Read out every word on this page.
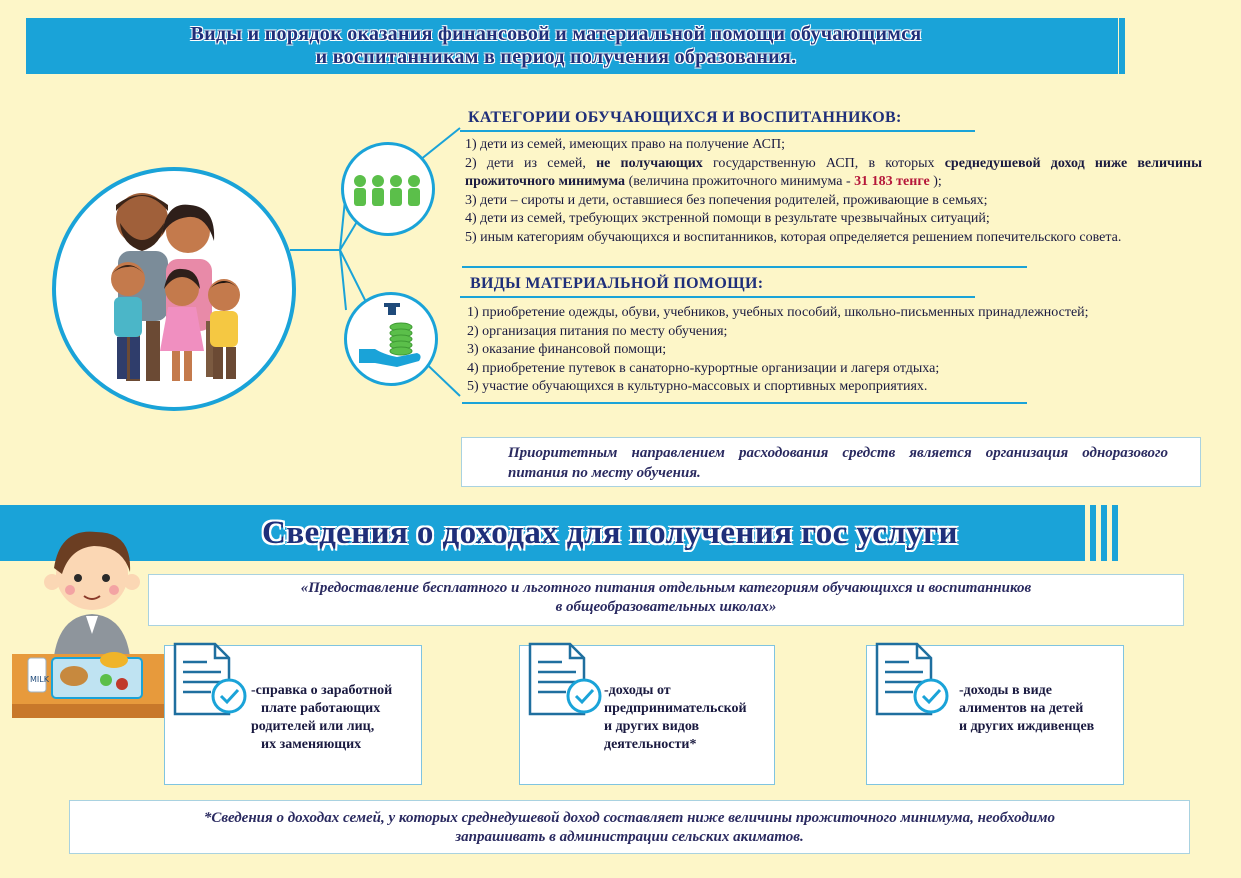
Виды и порядок оказания финансовой и материальной помощи обучающимся
и воспитанникам в период получения образования.
КАТЕГОРИИ ОБУЧАЮЩИХСЯ И ВОСПИТАННИКОВ:
1) дети из семей, имеющих право на получение АСП;
2) дети из семей, не получающих государственную АСП, в которых среднедушевой доход ниже величины прожиточного минимума (величина прожиточного минимума - 31 183 тенге );
3) дети – сироты и дети, оставшиеся без попечения родителей, проживающие в семьях;
4) дети из семей, требующих экстренной помощи в результате чрезвычайных ситуаций;
5) иным категориям обучающихся и воспитанников, которая определяется решением попечительского совета.
ВИДЫ МАТЕРИАЛЬНОЙ ПОМОЩИ:
1) приобретение одежды, обуви, учебников, учебных пособий, школьно-письменных принадлежностей;
2) организация питания по месту обучения;
3) оказание финансовой помощи;
4) приобретение путевок в санаторно-курортные организации и лагеря отдыха;
5) участие обучающихся в культурно-массовых и спортивных мероприятиях.
Приоритетным направлением расходования средств является организация одноразового питания по месту обучения.
Сведения о доходах для получения гос услуги
«Предоставление бесплатного и льготного питания отдельным категориям обучающихся и воспитанников
в общеобразовательных школах»
MILK
-справка о заработной
плате работающих
родителей или лиц,
их заменяющих
-доходы от
предпринимательской
и других видов
деятельности*
-доходы в виде
алиментов на детей
и других иждивенцев
*Сведения о доходах семей, у которых среднедушевой доход составляет ниже величины прожиточного минимума, необходимо
запрашивать в администрации сельских акиматов.
